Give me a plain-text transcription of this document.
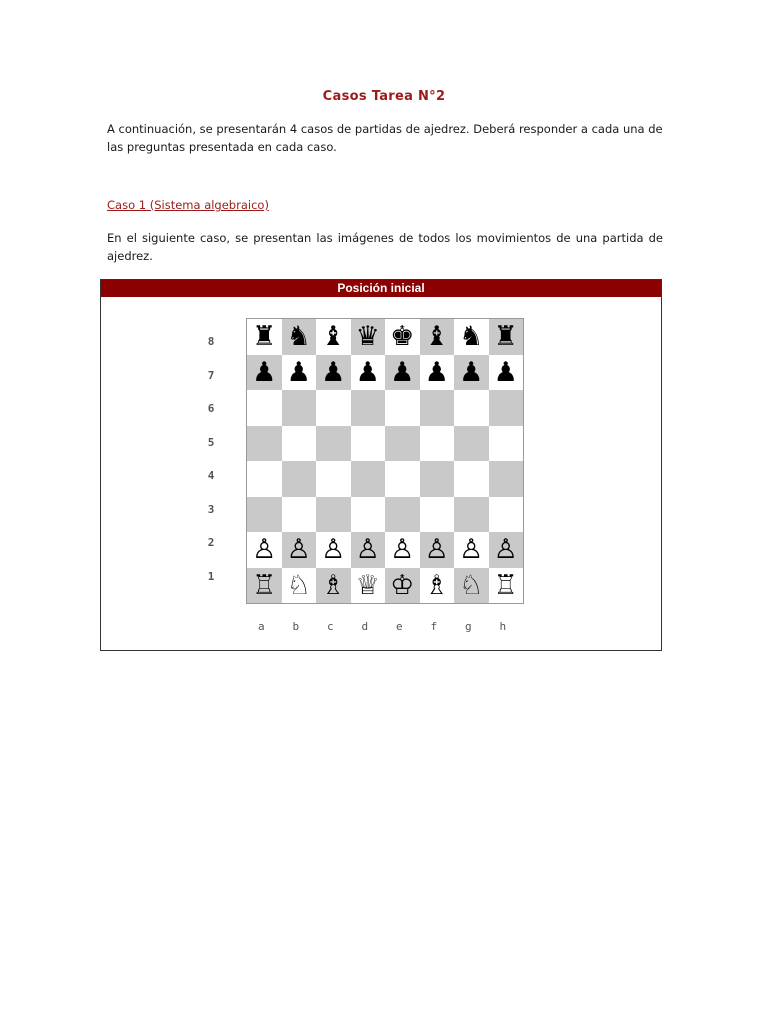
Casos Tarea N°2
A continuación, se presentarán 4 casos de partidas de ajedrez. Deberá responder a cada una de las preguntas presentada en cada caso.
Caso 1 (Sistema algebraico)
En el siguiente caso, se presentan las imágenes de todos los movimientos de una partida de ajedrez.
Posición inicial
8
7
6
5
4
3
2
1
♜ ♞ ♝ ♛ ♚ ♝ ♞ ♜
♟ ♟ ♟ ♟ ♟ ♟ ♟ ♟
♙ ♙ ♙ ♙ ♙ ♙ ♙ ♙
♖ ♘ ♗ ♕ ♔ ♗ ♘ ♖
a	b	c	d	e	f	g	h
